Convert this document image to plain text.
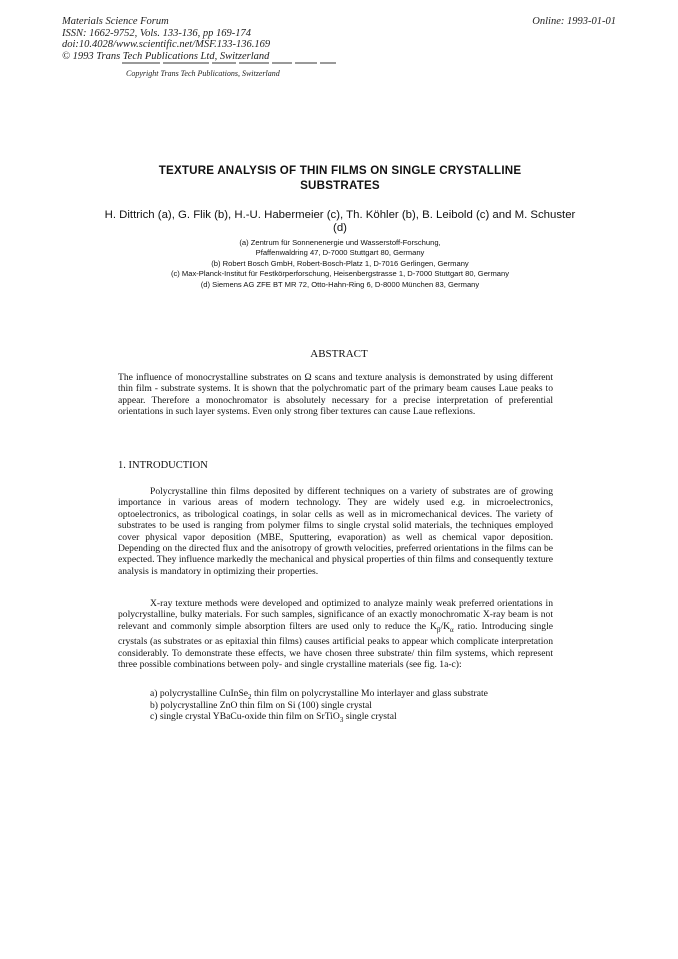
Materials Science Forum
ISSN: 1662-9752, Vols. 133-136, pp 169-174
doi:10.4028/www.scientific.net/MSF.133-136.169
© 1993 Trans Tech Publications Ltd, Switzerland
Online: 1993-01-01
Copyright Trans Tech Publications, Switzerland
TEXTURE ANALYSIS OF THIN FILMS ON SINGLE CRYSTALLINE SUBSTRATES
H. Dittrich (a), G. Flik (b), H.-U. Habermeier (c), Th. Köhler (b), B. Leibold (c) and M. Schuster (d)
(a) Zentrum für Sonnenenergie und Wasserstoff-Forschung,
Pfaffenwaldring 47, D-7000 Stuttgart 80, Germany
(b) Robert Bosch GmbH, Robert-Bosch-Platz 1, D-7016 Gerlingen, Germany
(c) Max-Planck-Institut für Festkörperforschung, Heisenbergstrasse 1, D-7000 Stuttgart 80, Germany
(d) Siemens AG ZFE BT MR 72, Otto-Hahn-Ring 6, D-8000 München 83, Germany
ABSTRACT
The influence of monocrystalline substrates on Ω scans and texture analysis is demonstrated by using different thin film - substrate systems. It is shown that the polychromatic part of the primary beam causes Laue peaks to appear. Therefore a monochromator is absolutely necessary for a precise interpretation of preferential orientations in such layer systems. Even only strong fiber textures can cause Laue reflexions.
1. INTRODUCTION
Polycrystalline thin films deposited by different techniques on a variety of substrates are of growing importance in various areas of modern technology. They are widely used e.g. in microelectronics, optoelectronics, as tribological coatings, in solar cells as well as in micromechanical devices. The variety of substrates to be used is ranging from polymer films to single crystal solid materials, the techniques employed cover physical vapor deposition (MBE, Sputtering, evaporation) as well as chemical vapor deposition. Depending on the directed flux and the anisotropy of growth velocities, preferred orientations in the films can be expected. They influence markedly the mechanical and physical properties of thin films and consequently texture analysis is mandatory in optimizing their properties.
X-ray texture methods were developed and optimized to analyze mainly weak preferred orientations in polycrystalline, bulky materials. For such samples, significance of an exactly monochromatic X-ray beam is not relevant and commonly simple absorption filters are used only to reduce the $K_\beta/K_\alpha$ ratio. Introducing single crystals (as substrates or as epitaxial thin films) causes artificial peaks to appear which complicate interpretation considerably. To demonstrate these effects, we have chosen three substrate/ thin film systems, which represent three possible combinations between poly- and single crystalline materials (see fig. 1a-c):
a) polycrystalline CuInSe$_2$ thin film on polycrystalline Mo interlayer and glass substrate
b) polycrystalline ZnO thin film on Si (100) single crystal
c) single crystal YBaCu-oxide thin film on SrTiO$_3$ single crystal
